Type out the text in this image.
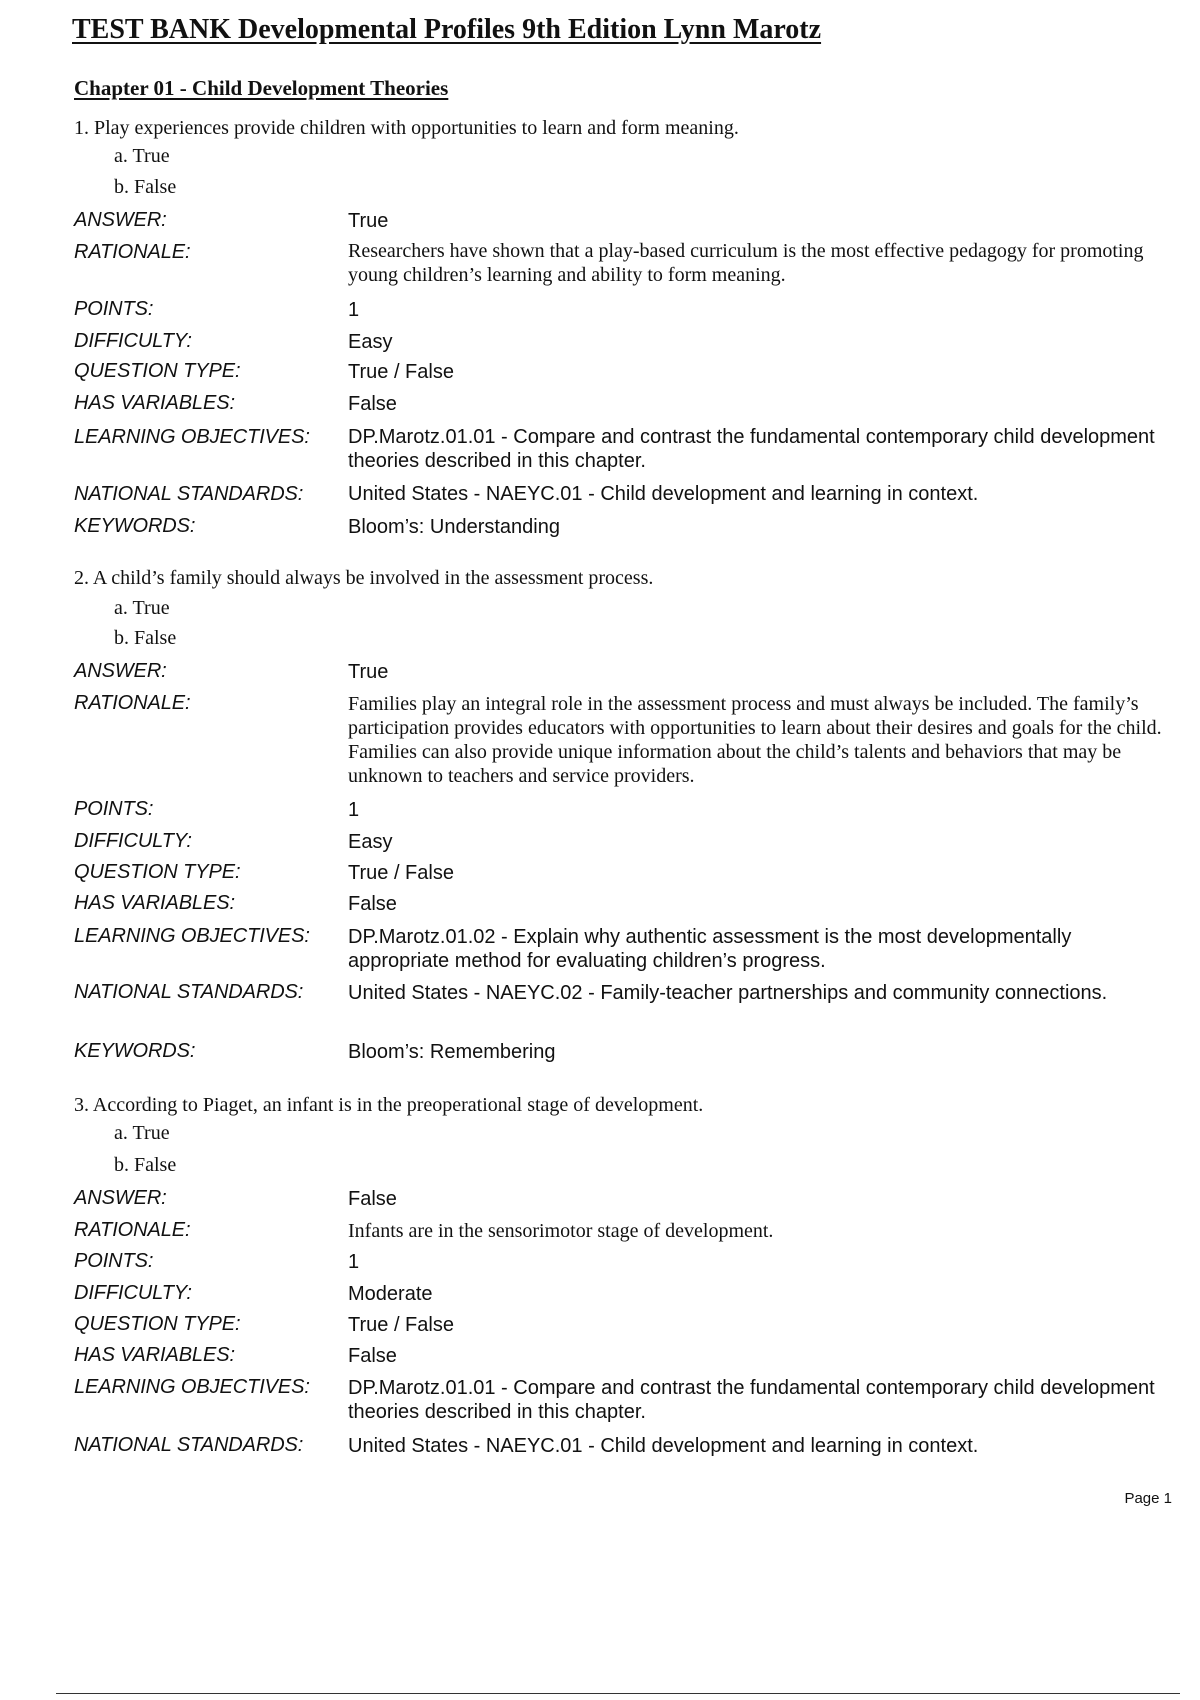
TEST BANK Developmental Profiles 9th Edition Lynn Marotz
Chapter 01 - Child Development Theories
1. Play experiences provide children with opportunities to learn and form meaning.
a. True
b. False
ANSWER:	True
RATIONALE:	Researchers have shown that a play-based curriculum is the most effective pedagogy for promoting young children’s learning and ability to form meaning.
POINTS:	1
DIFFICULTY:	Easy
QUESTION TYPE:	True / False
HAS VARIABLES:	False
LEARNING OBJECTIVES: DP.Marotz.01.01 - Compare and contrast the fundamental contemporary child development theories described in this chapter.
NATIONAL STANDARDS: United States - NAEYC.01 - Child development and learning in context.
KEYWORDS:	Bloom’s: Understanding
2. A child’s family should always be involved in the assessment process.
a. True
b. False
ANSWER:	True
RATIONALE:	Families play an integral role in the assessment process and must always be included. The family’s participation provides educators with opportunities to learn about their desires and goals for the child. Families can also provide unique information about the child’s talents and behaviors that may be unknown to teachers and service providers.
POINTS:	1
DIFFICULTY:	Easy
QUESTION TYPE:	True / False
HAS VARIABLES:	False
LEARNING OBJECTIVES: DP.Marotz.01.02 - Explain why authentic assessment is the most developmentally appropriate method for evaluating children’s progress.
NATIONAL STANDARDS: United States - NAEYC.02 - Family-teacher partnerships and community connections.
KEYWORDS:	Bloom’s: Remembering
3. According to Piaget, an infant is in the preoperational stage of development.
a. True
b. False
ANSWER:	False
RATIONALE:	Infants are in the sensorimotor stage of development.
POINTS:	1
DIFFICULTY:	Moderate
QUESTION TYPE:	True / False
HAS VARIABLES:	False
LEARNING OBJECTIVES: DP.Marotz.01.01 - Compare and contrast the fundamental contemporary child development theories described in this chapter.
NATIONAL STANDARDS: United States - NAEYC.01 - Child development and learning in context.
Page 1
